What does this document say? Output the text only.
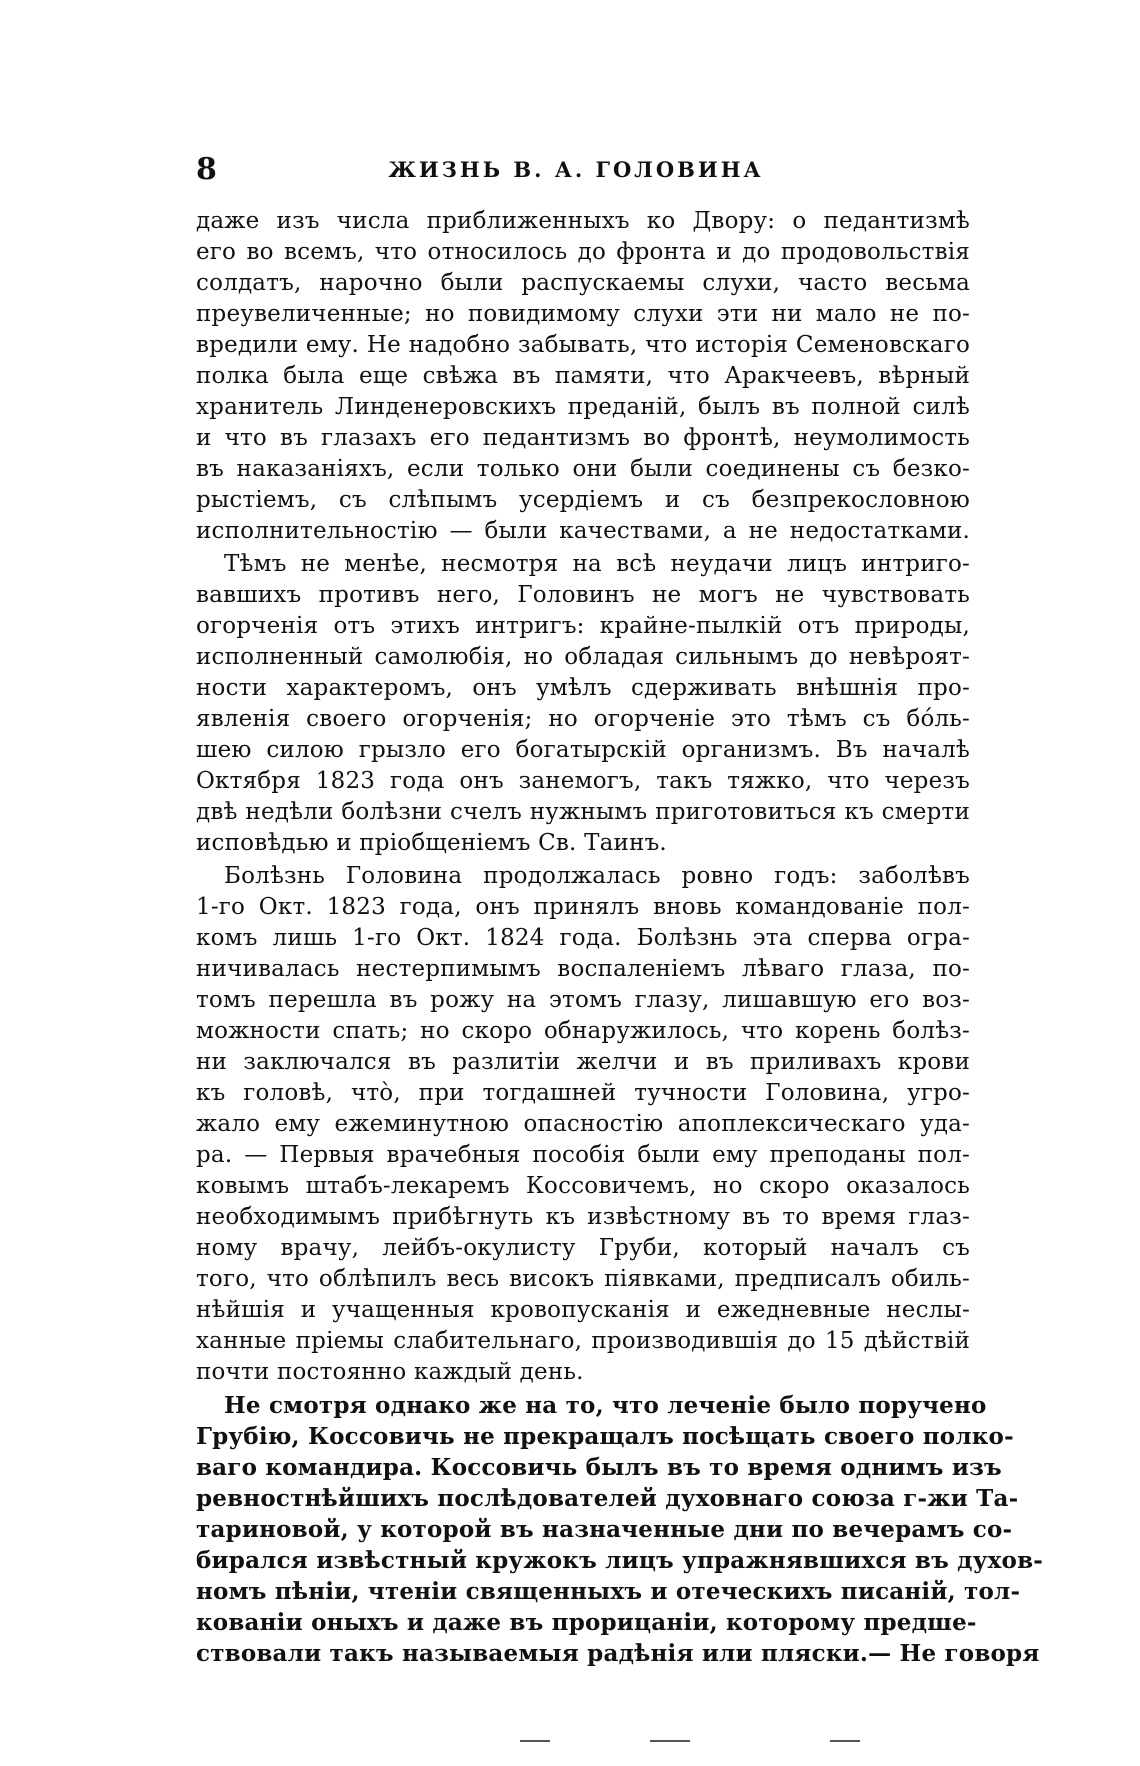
8	ЖИЗНЬ В. А. ГОЛОВИНА

даже изъ числа приближенныхъ ко Двору: о педантизмѣ
его во всемъ, что относилось до фронта и до продовольствія
солдатъ, нарочно были распускаемы слухи, часто весьма
преувеличенные; но повидимому слухи эти ни мало не по-
вредили ему. Не надобно забывать, что исторія Семеновскаго
полка была еще свѣжа въ памяти, что Аракчеевъ, вѣрный
хранитель Линденеровскихъ преданій, былъ въ полной силѣ
и что въ глазахъ его педантизмъ во фронтѣ, неумолимость
въ наказаніяхъ, если только они были соединены съ безко-
рыстіемъ, съ слѣпымъ усердіемъ и съ безпрекословною
исполнительностію — были качествами, а не недостатками.

Тѣмъ не менѣе, несмотря на всѣ неудачи лицъ интриго-
вавшихъ противъ него, Головинъ не могъ не чувствовать
огорченія отъ этихъ интригъ: крайне-пылкій отъ природы,
исполненный самолюбія, но обладая сильнымъ до невѣроят-
ности характеромъ, онъ умѣлъ сдерживать внѣшнія про-
явленія своего огорченія; но огорченіе это тѣмъ съ бóль-
шею силою грызло его богатырскій организмъ. Въ началѣ
Октября 1823 года онъ занемогъ, такъ тяжко, что черезъ
двѣ недѣли болѣзни счелъ нужнымъ приготовиться къ смерти
исповѣдью и пріобщеніемъ Св. Таинъ.

Болѣзнь Головина продолжалась ровно годъ: заболѣвъ
1-го Окт. 1823 года, онъ принялъ вновь командованіе пол-
комъ лишь 1-го Окт. 1824 года. Болѣзнь эта сперва огра-
ничивалась нестерпимымъ воспаленіемъ лѣваго глаза, по-
томъ перешла въ рожу на этомъ глазу, лишавшую его воз-
можности спать; но скоро обнаружилось, что корень болѣз-
ни заключался въ разлитіи желчи и въ приливахъ крови
къ головѣ, чтò, при тогдашней тучности Головина, угро-
жало ему ежеминутною опасностію апоплексическаго уда-
ра. — Первыя врачебныя пособія были ему преподаны пол-
ковымъ штабъ-лекаремъ Коссовичемъ, но скоро оказалось
необходимымъ прибѣгнуть къ извѣстному въ то время глаз-
ному врачу, лейбъ-окулисту Груби, который началъ съ
того, что облѣпилъ весь високъ піявками, предписалъ обиль-
нѣйшія и учащенныя кровопусканія и ежедневные неслы-
ханные пріемы слабительнаго, производившія до 15 дѣйствій
почти постоянно каждый день.

Не смотря однако же на то, что леченіе было поручено
Грубію, Коссовичь не прекращалъ посѣщать своего полко-
ваго командира. Коссовичь былъ въ то время однимъ изъ
ревностнѣйшихъ послѣдователей духовнаго союза г-жи Та-
тариновой, у которой въ назначенные дни по вечерамъ со-
бирался извѣстный кружокъ лицъ упражнявшихся въ духов-
номъ пѣніи, чтеніи священныхъ и отеческихъ писаній, тол-
кованіи оныхъ и даже въ прорицаніи, которому предше-
ствовали такъ называемыя радѣнія или пляски.— Не говоря
